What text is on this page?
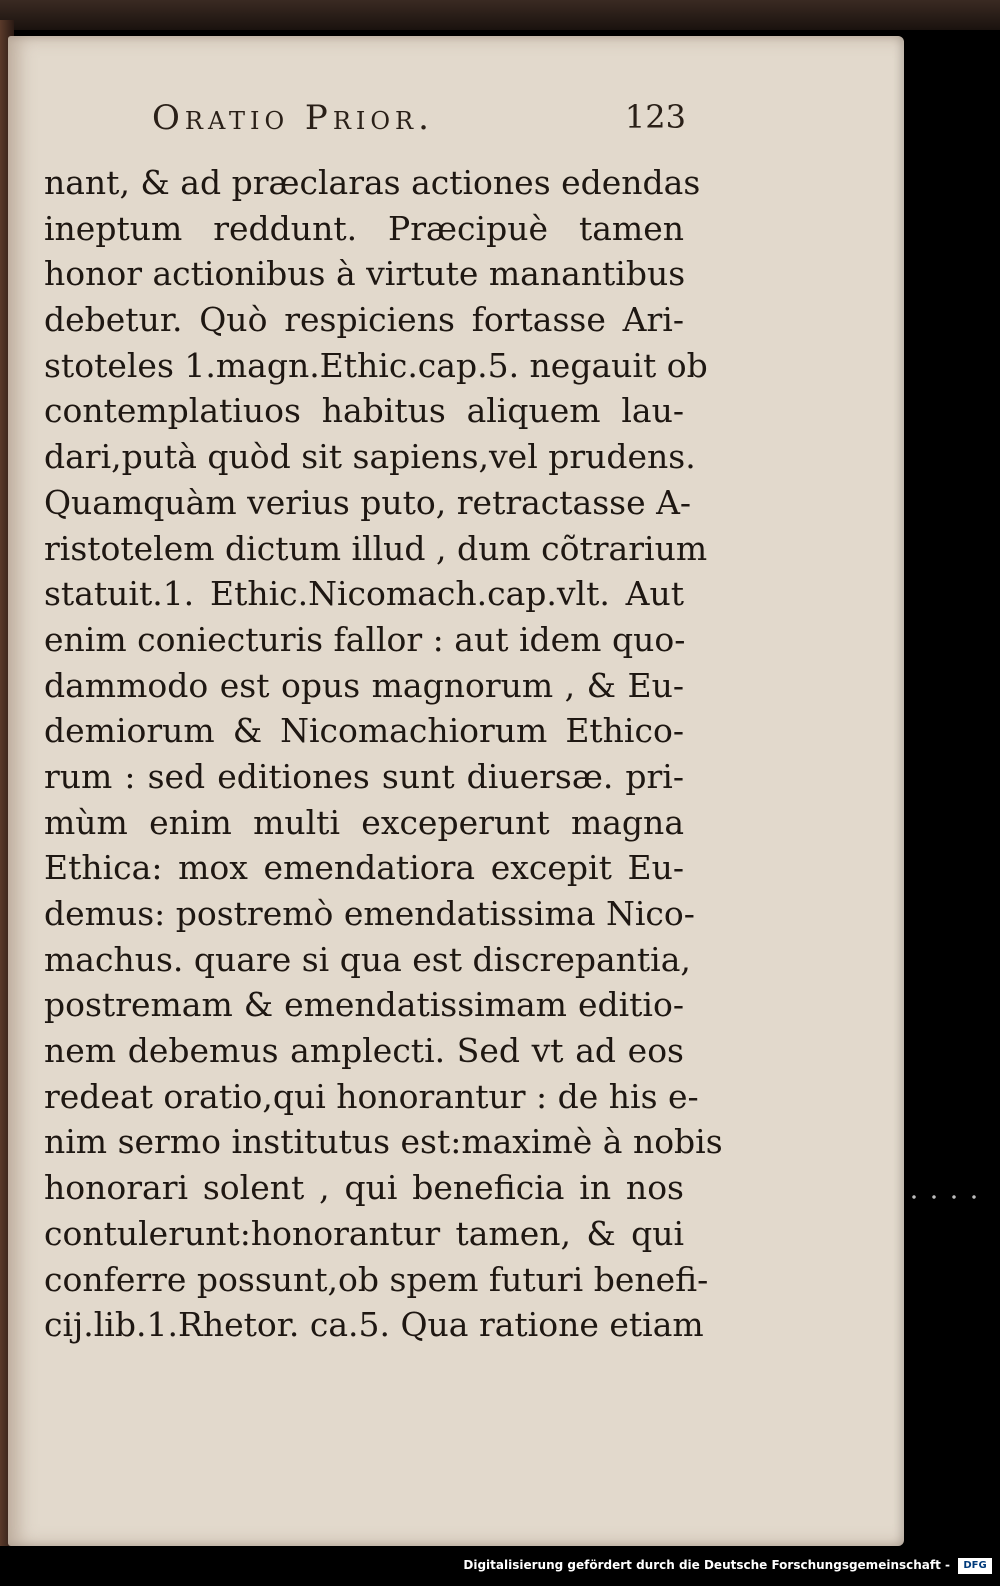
Oratio Prior.	123
nant, & ad præclaras actiones edendas
ineptum reddunt. Præcipuè tamen
honor actionibus à virtute manantibus
debetur. Quò respiciens fortasse Ari-
stoteles 1.magn.Ethic.cap.5. negauit ob
contemplatiuos habitus aliquem lau-
dari,putà quòd sit sapiens,vel prudens.
Quamquàm verius puto, retractasse A-
ristotelem dictum illud , dum cõtrarium
statuit.1. Ethic.Nicomach.cap.vlt. Aut
enim coniecturis fallor : aut idem quo-
dammodo est opus magnorum , & Eu-
demiorum & Nicomachiorum Ethico-
rum : sed editiones sunt diuersæ. pri-
mùm enim multi exceperunt magna
Ethica: mox emendatiora excepit Eu-
demus: postremò emendatissima Nico-
machus. quare si qua est discrepantia,
postremam & emendatissimam editio-
nem debemus amplecti. Sed vt ad eos
redeat oratio,qui honorantur : de his e-
nim sermo institutus est:maximè à nobis
honorari solent , qui beneficia in nos
contulerunt:honorantur tamen, & qui
conferre possunt,ob spem futuri benefi-
cij.lib.1.Rhetor. ca.5. Qua ratione etiam
Digitalisierung gefördert durch die Deutsche Forschungsgemeinschaft -	DFG
